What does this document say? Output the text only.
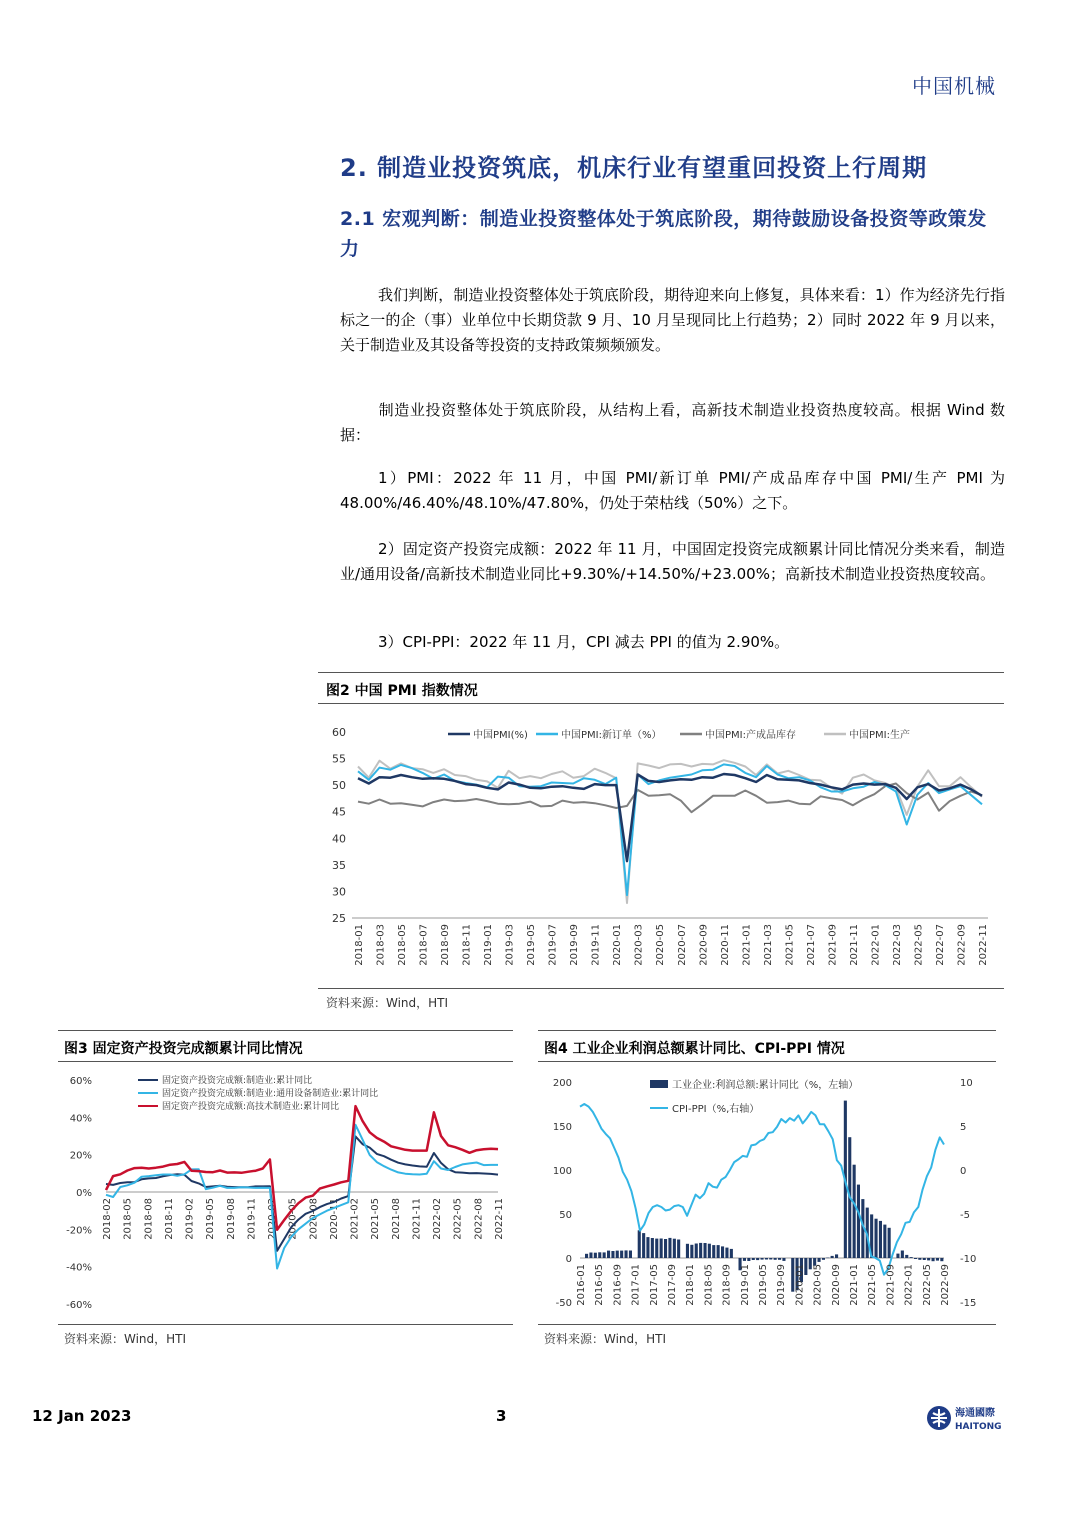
中国机械
2. 制造业投资筑底，机床行业有望重回投资上行周期
2.1 宏观判断：制造业投资整体处于筑底阶段，期待鼓励设备投资等政策发力
我们判断，制造业投资整体处于筑底阶段，期待迎来向上修复，具体来看：1）作为经济先行指标之一的企（事）业单位中长期贷款 9 月、10 月呈现同比上行趋势；2）同时 2022 年 9 月以来，关于制造业及其设备等投资的支持政策频频颁发。
制造业投资整体处于筑底阶段，从结构上看，高新技术制造业投资热度较高。根据 Wind 数据：
1）PMI：2022 年 11 月，中国 PMI/新订单 PMI/产成品库存中国 PMI/生产 PMI 为 48.00%/46.40%/48.10%/47.80%，仍处于荣枯线（50%）之下。
2）固定资产投资完成额：2022 年 11 月，中国固定投资完成额累计同比情况分类来看，制造业/通用设备/高新技术制造业同比+9.30%/+14.50%/+23.00%；高新技术制造业投资热度较高。
3）CPI-PPI：2022 年 11 月，CPI 减去 PPI 的值为 2.90%。
图2 中国 PMI 指数情况
60
55
50
45
40
35
30
25
2018-01 2018-03 2018-05 2018-07 2018-09 2018-11 2019-01 2019-03 2019-05 2019-07 2019-09 2019-11 2020-01 2020-03 2020-05 2020-07 2020-09 2020-11 2021-01 2021-03 2021-05 2021-07 2021-09 2021-11 2022-01 2022-03 2022-05 2022-07 2022-09 2022-11
中国PMI(%)	中国PMI:新订单（%）	中国PMI:产成品库存	中国PMI:生产
资料来源：Wind，HTI
图3 固定资产投资完成额累计同比情况
60%
40%
20%
0%
-20%
-40%
-60%
2018-02 2018-05 2018-08 2018-11 2019-02 2019-05 2019-08 2019-11 2020-02 2020-05 2020-08 2020-11 2021-02 2021-05 2021-08 2021-11 2022-02 2022-05 2022-08 2022-11
固定资产投资完成额:制造业:累计同比
固定资产投资完成额:制造业:通用设备制造业:累计同比
固定资产投资完成额:高技术制造业:累计同比
资料来源：Wind，HTI
图4 工业企业利润总额累计同比、CPI-PPI 情况
200
150
100
50
0
-50
10
5
0
-5
-10
-15
2016-01 2016-05 2016-09 2017-01 2017-05 2017-09 2018-01 2018-05 2018-09 2019-01 2019-05 2019-09 2020-01 2020-05 2020-09 2021-01 2021-05 2021-09 2022-01 2022-05 2022-09
工业企业:利润总额:累计同比（%，左轴）
CPI-PPI（%,右轴）
资料来源：Wind，HTI
12 Jan 2023	3	海通國際
HAITONG
